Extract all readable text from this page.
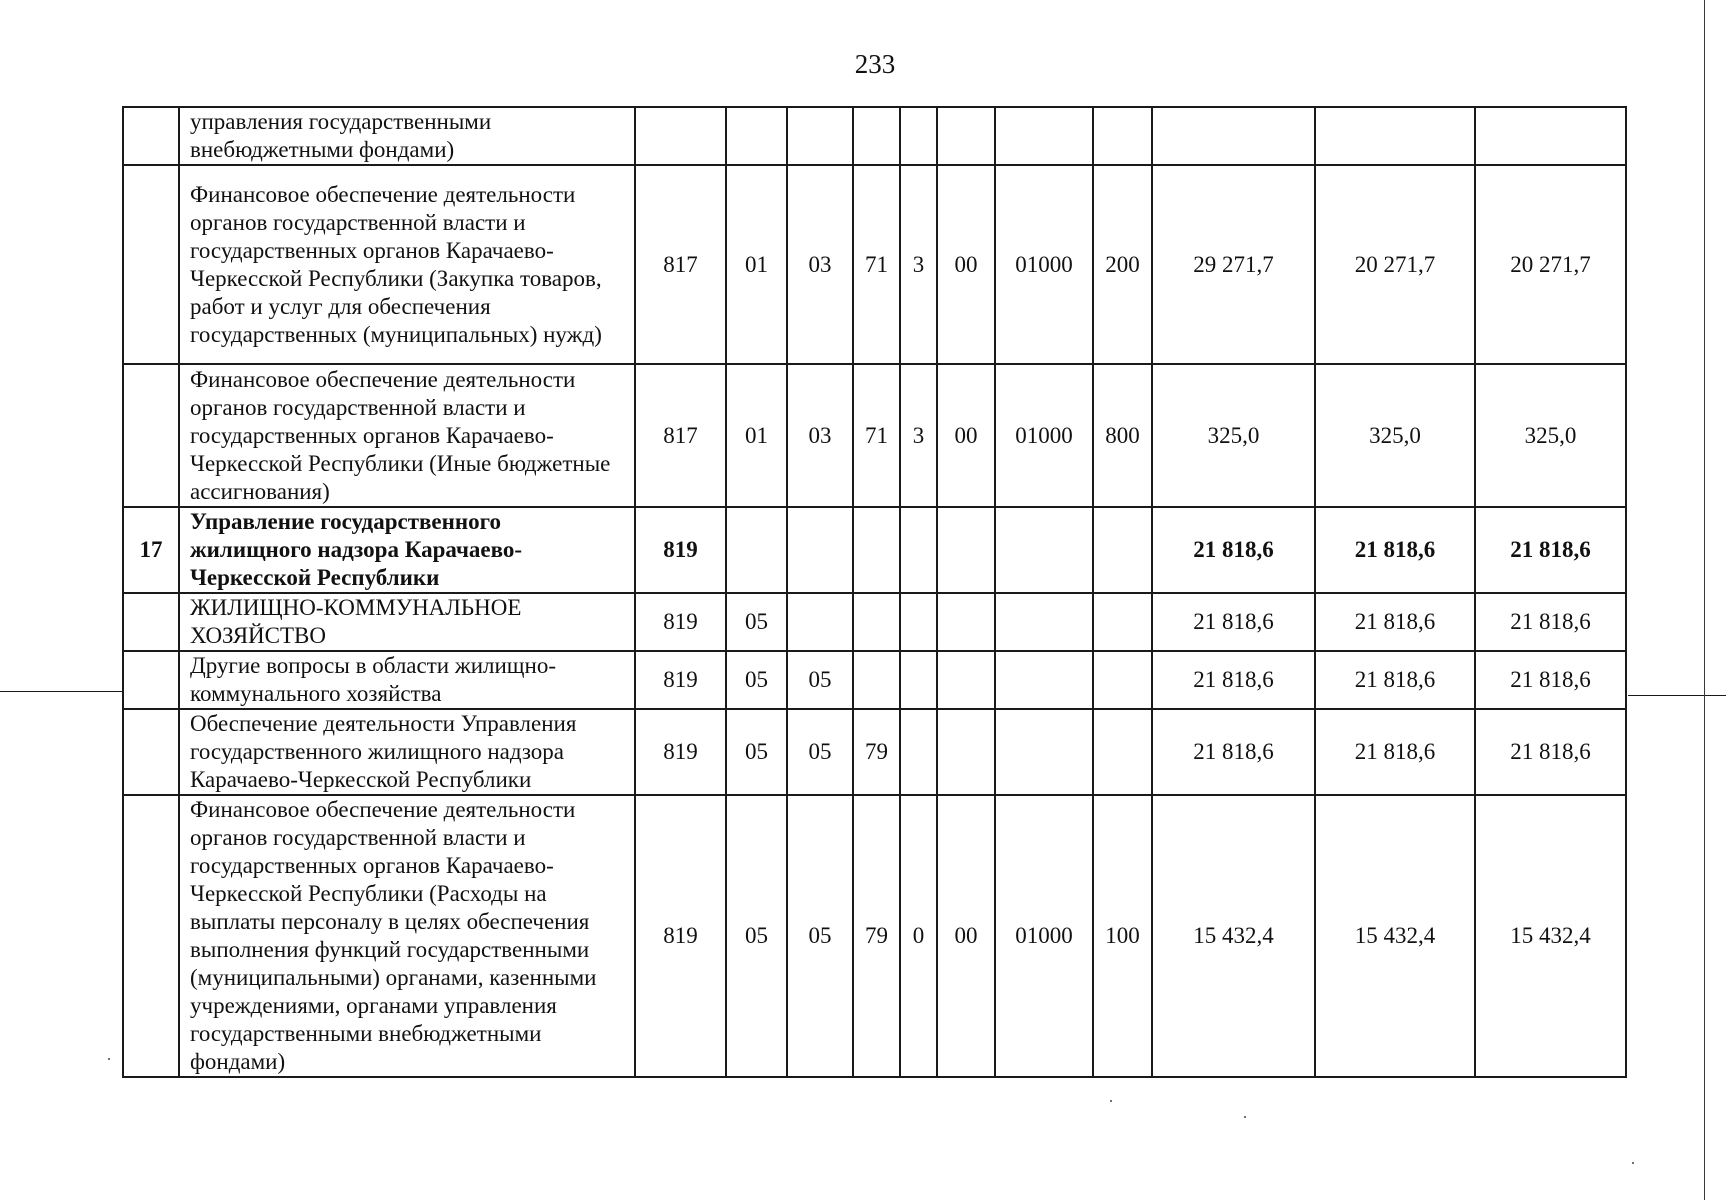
233
	управления государственными внебюджетными фондами)											
	Финансовое обеспечение деятельности органов государственной власти и государственных органов Карачаево-Черкесской Республики (Закупка товаров, работ и услуг для обеспечения государственных (муниципальных) нужд)	817	01	03	71	3	00	01000	200	29 271,7	20 271,7	20 271,7
	Финансовое обеспечение деятельности органов государственной власти и государственных органов Карачаево-Черкесской Республики (Иные бюджетные ассигнования)	817	01	03	71	3	00	01000	800	325,0	325,0	325,0
17	Управление государственного жилищного надзора Карачаево-Черкесской Республики	819								21 818,6	21 818,6	21 818,6
	ЖИЛИЩНО-КОММУНАЛЬНОЕ ХОЗЯЙСТВО	819	05							21 818,6	21 818,6	21 818,6
	Другие вопросы в области жилищно-коммунального хозяйства	819	05	05						21 818,6	21 818,6	21 818,6
	Обеспечение деятельности Управления государственного жилищного надзора Карачаево-Черкесской Республики	819	05	05	79					21 818,6	21 818,6	21 818,6
	Финансовое обеспечение деятельности органов государственной власти и государственных органов Карачаево-Черкесской Республики (Расходы на выплаты персоналу в целях обеспечения выполнения функций государственными (муниципальными) органами, казенными учреждениями, органами управления государственными внебюджетными фондами)	819	05	05	79	0	00	01000	100	15 432,4	15 432,4	15 432,4
